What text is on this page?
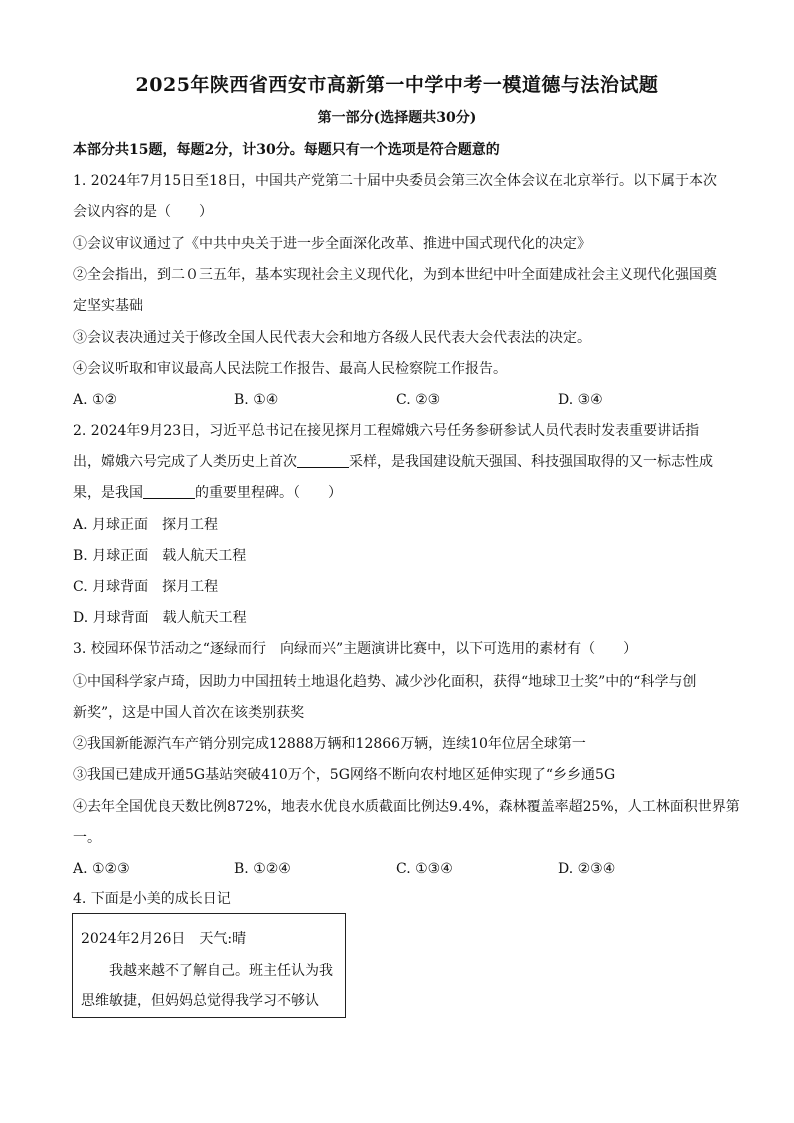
2025年陕西省西安市高新第一中学中考一模道德与法治试题
第一部分(选择题共30分)
本部分共15题，每题2分，计30分。每题只有一个选项是符合题意的
1. 2024年7月15日至18日，中国共产党第二十届中央委员会第三次全体会议在北京举行。以下属于本次
会议内容的是（　　）
①会议审议通过了《中共中央关于进一步全面深化改革、推进中国式现代化的决定》
②全会指出，到二０三五年，基本实现社会主义现代化，为到本世纪中叶全面建成社会主义现代化强国奠
定坚实基础
③会议表决通过关于修改全国人民代表大会和地方各级人民代表大会代表法的决定。
④会议听取和审议最高人民法院工作报告、最高人民检察院工作报告。
A. ①②	B. ①④	C. ②③	D. ③④
2. 2024年9月23日，习近平总书记在接见探月工程嫦娥六号任务参研参试人员代表时发表重要讲话指
出，嫦娥六号完成了人类历史上首次	采样，是我国建设航天强国、科技强国取得的又一标志性成
果，是我国	的重要里程碑。（　　）
A. 月球正面　探月工程
B. 月球正面　载人航天工程
C. 月球背面　探月工程
D. 月球背面　载人航天工程
3. 校园环保节活动之“逐绿而行　向绿而兴”主题演讲比赛中，以下可选用的素材有（　　）
①中国科学家卢琦，因助力中国扭转土地退化趋势、减少沙化面积，获得“地球卫士奖”中的“科学与创
新奖”，这是中国人首次在该类别获奖
②我国新能源汽车产销分别完成12888万辆和12866万辆，连续10年位居全球第一
③我国已建成开通5G基站突破410万个，5G网络不断向农村地区延伸实现了“乡乡通5G
④去年全国优良天数比例872%，地表水优良水质截面比例达9.4%，森林覆盖率超25%，人工林面积世界第
一。
A. ①②③	B. ①②④	C. ①③④	D. ②③④
4. 下面是小美的成长日记
2024年2月26日　天气:晴
　我越来越不了解自己。班主任认为我
思维敏捷，但妈妈总觉得我学习不够认
